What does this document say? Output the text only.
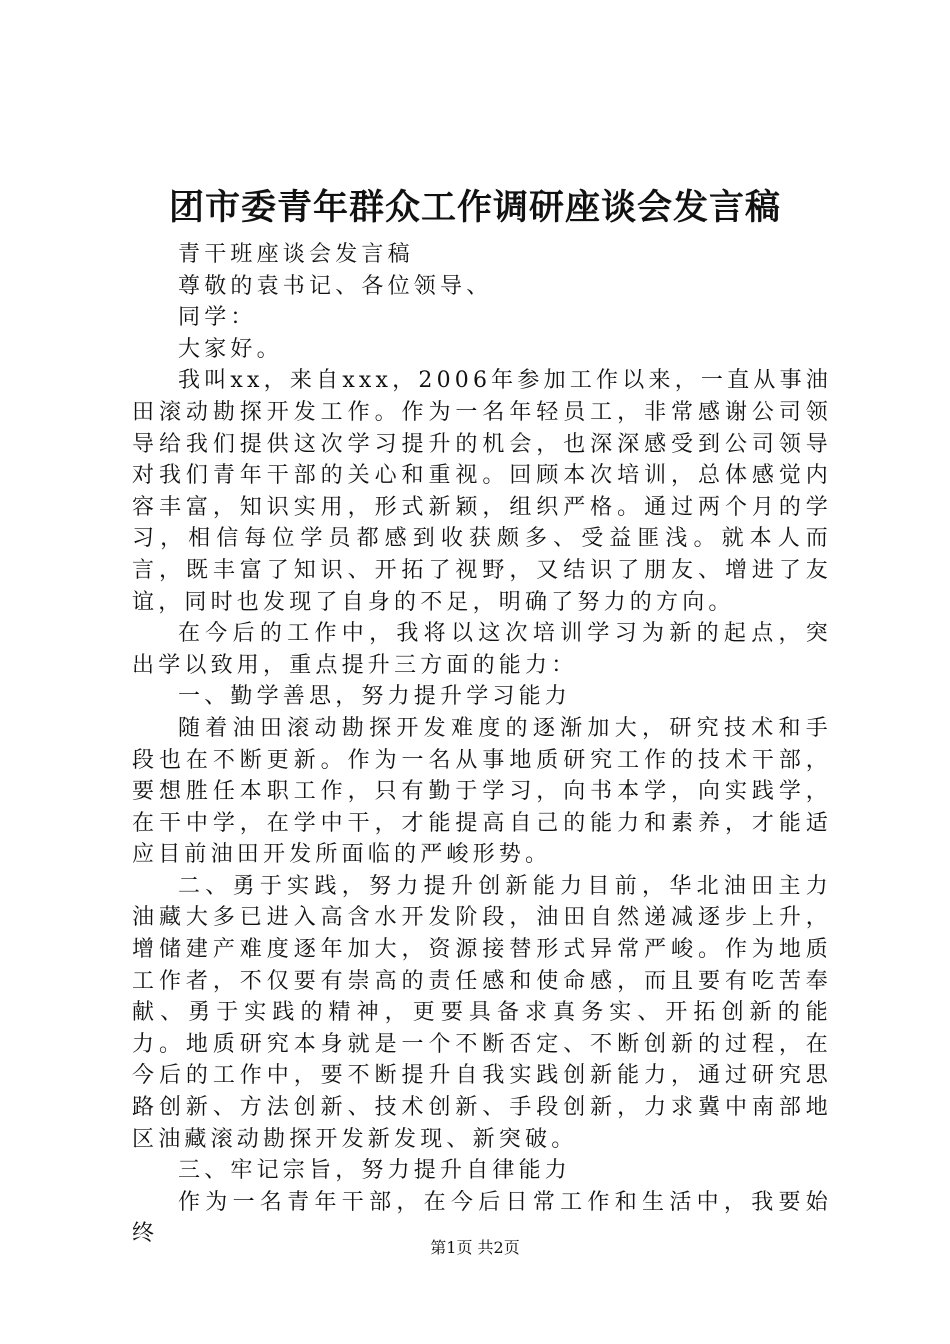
团市委青年群众工作调研座谈会发言稿

青干班座谈会发言稿

尊敬的袁书记、各位领导、

同学：

大家好。

我叫xx，来自xxx，2006年参加工作以来，一直从事油田滚动勘探开发工作。作为一名年轻员工，非常感谢公司领导给我们提供这次学习提升的机会，也深深感受到公司领导对我们青年干部的关心和重视。回顾本次培训，总体感觉内容丰富，知识实用，形式新颖，组织严格。通过两个月的学习，相信每位学员都感到收获颇多、受益匪浅。就本人而言，既丰富了知识、开拓了视野，又结识了朋友、增进了友谊，同时也发现了自身的不足，明确了努力的方向。

在今后的工作中，我将以这次培训学习为新的起点，突出学以致用，重点提升三方面的能力：

一、勤学善思，努力提升学习能力

随着油田滚动勘探开发难度的逐渐加大，研究技术和手段也在不断更新。作为一名从事地质研究工作的技术干部，要想胜任本职工作，只有勤于学习，向书本学，向实践学，在干中学，在学中干，才能提高自己的能力和素养，才能适应目前油田开发所面临的严峻形势。

二、勇于实践，努力提升创新能力目前，华北油田主力油藏大多已进入高含水开发阶段，油田自然递减逐步上升，增储建产难度逐年加大，资源接替形式异常严峻。作为地质工作者，不仅要有崇高的责任感和使命感，而且要有吃苦奉献、勇于实践的精神，更要具备求真务实、开拓创新的能力。地质研究本身就是一个不断否定、不断创新的过程，在今后的工作中，要不断提升自我实践创新能力，通过研究思路创新、方法创新、技术创新、手段创新，力求冀中南部地区油藏滚动勘探开发新发现、新突破。

三、牢记宗旨，努力提升自律能力

作为一名青年干部，在今后日常工作和生活中，我要始终

第1页 共2页
